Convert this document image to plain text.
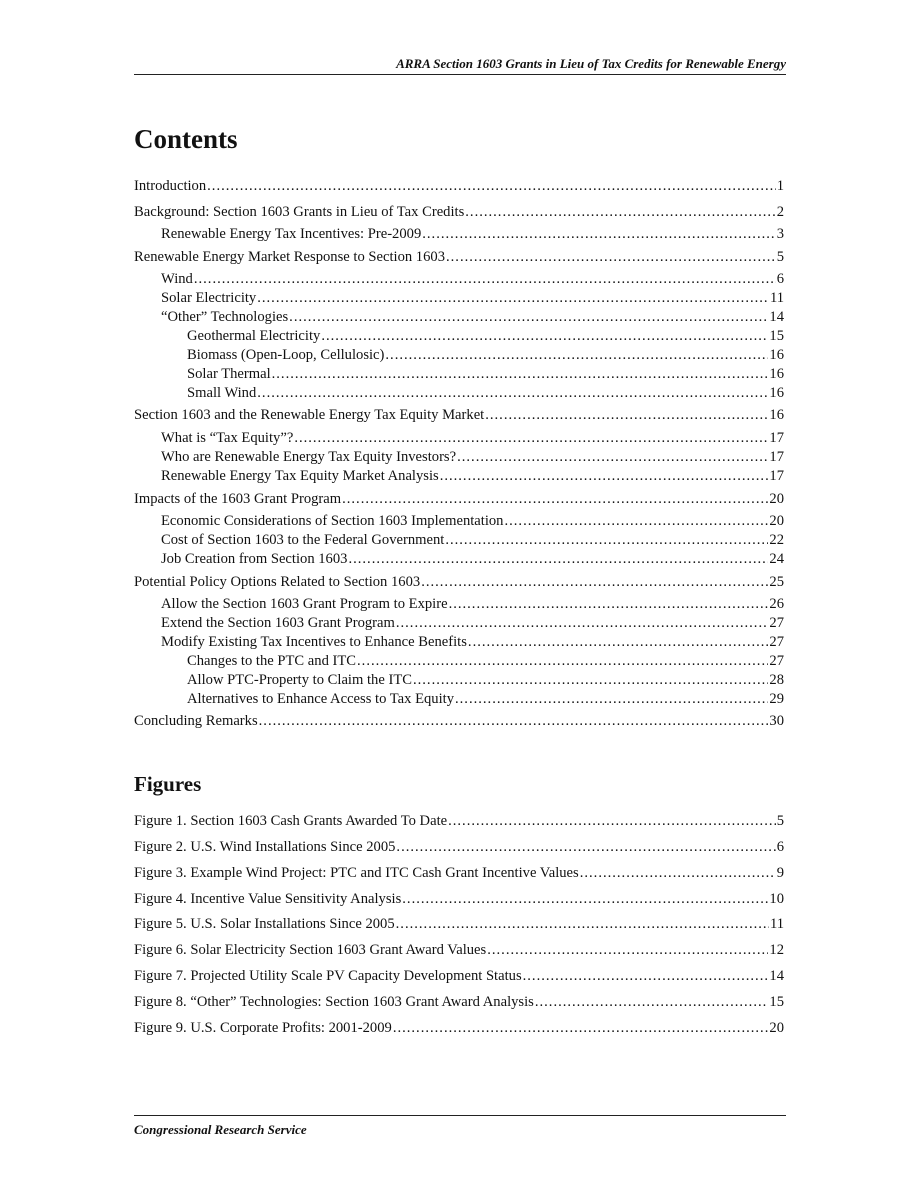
ARRA Section 1603 Grants in Lieu of Tax Credits for Renewable Energy
Contents
Introduction .....	1
Background: Section 1603 Grants in Lieu of Tax Credits .....	2
Renewable Energy Tax Incentives: Pre-2009 .....	3
Renewable Energy Market Response to Section 1603 .....	5
Wind .....	6
Solar Electricity .....	11
“Other” Technologies .....	14
Geothermal Electricity .....	15
Biomass (Open-Loop, Cellulosic) .....	16
Solar Thermal .....	16
Small Wind .....	16
Section 1603 and the Renewable Energy Tax Equity Market .....	16
What is “Tax Equity”? .....	17
Who are Renewable Energy Tax Equity Investors? .....	17
Renewable Energy Tax Equity Market Analysis .....	17
Impacts of the 1603 Grant Program .....	20
Economic Considerations of Section 1603 Implementation .....	20
Cost of Section 1603 to the Federal Government .....	22
Job Creation from Section 1603 .....	24
Potential Policy Options Related to Section 1603 .....	25
Allow the Section 1603 Grant Program to Expire .....	26
Extend the Section 1603 Grant Program .....	27
Modify Existing Tax Incentives to Enhance Benefits .....	27
Changes to the PTC and ITC .....	27
Allow PTC-Property to Claim the ITC .....	28
Alternatives to Enhance Access to Tax Equity .....	29
Concluding Remarks .....	30
Figures
Figure 1. Section 1603 Cash Grants Awarded To Date .....	5
Figure 2. U.S. Wind Installations Since 2005 .....	6
Figure 3. Example Wind Project: PTC and ITC Cash Grant Incentive Values .....	9
Figure 4. Incentive Value Sensitivity Analysis .....	10
Figure 5. U.S. Solar Installations Since 2005 .....	11
Figure 6. Solar Electricity Section 1603 Grant Award Values .....	12
Figure 7. Projected Utility Scale PV Capacity Development Status .....	14
Figure 8. “Other” Technologies: Section 1603 Grant Award Analysis .....	15
Figure 9. U.S. Corporate Profits: 2001-2009 .....	20
Congressional Research Service
